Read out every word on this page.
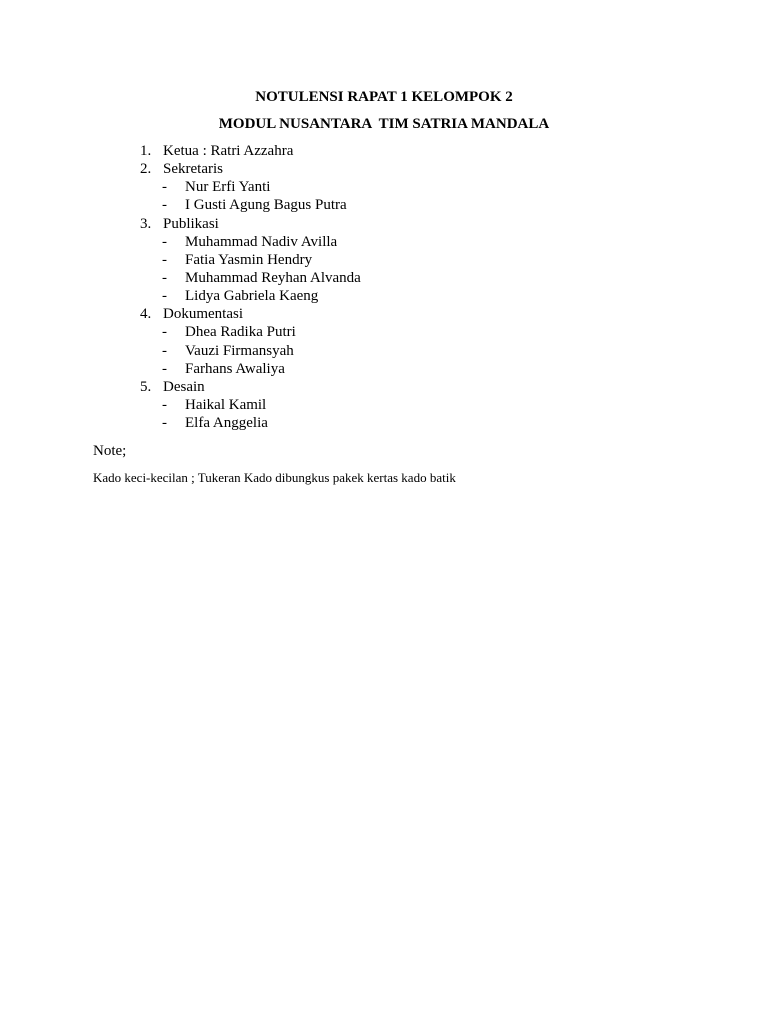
NOTULENSI RAPAT 1 KELOMPOK 2
MODUL NUSANTARA  TIM SATRIA MANDALA
1. Ketua : Ratri Azzahra
2. Sekretaris
- Nur Erfi Yanti
- I Gusti Agung Bagus Putra
3. Publikasi
- Muhammad Nadiv Avilla
- Fatia Yasmin Hendry
- Muhammad Reyhan Alvanda
- Lidya Gabriela Kaeng
4. Dokumentasi
- Dhea Radika Putri
- Vauzi Firmansyah
- Farhans Awaliya
5. Desain
- Haikal Kamil
- Elfa Anggelia
Note;
Kado keci-kecilan ; Tukeran Kado dibungkus pakek kertas kado batik
